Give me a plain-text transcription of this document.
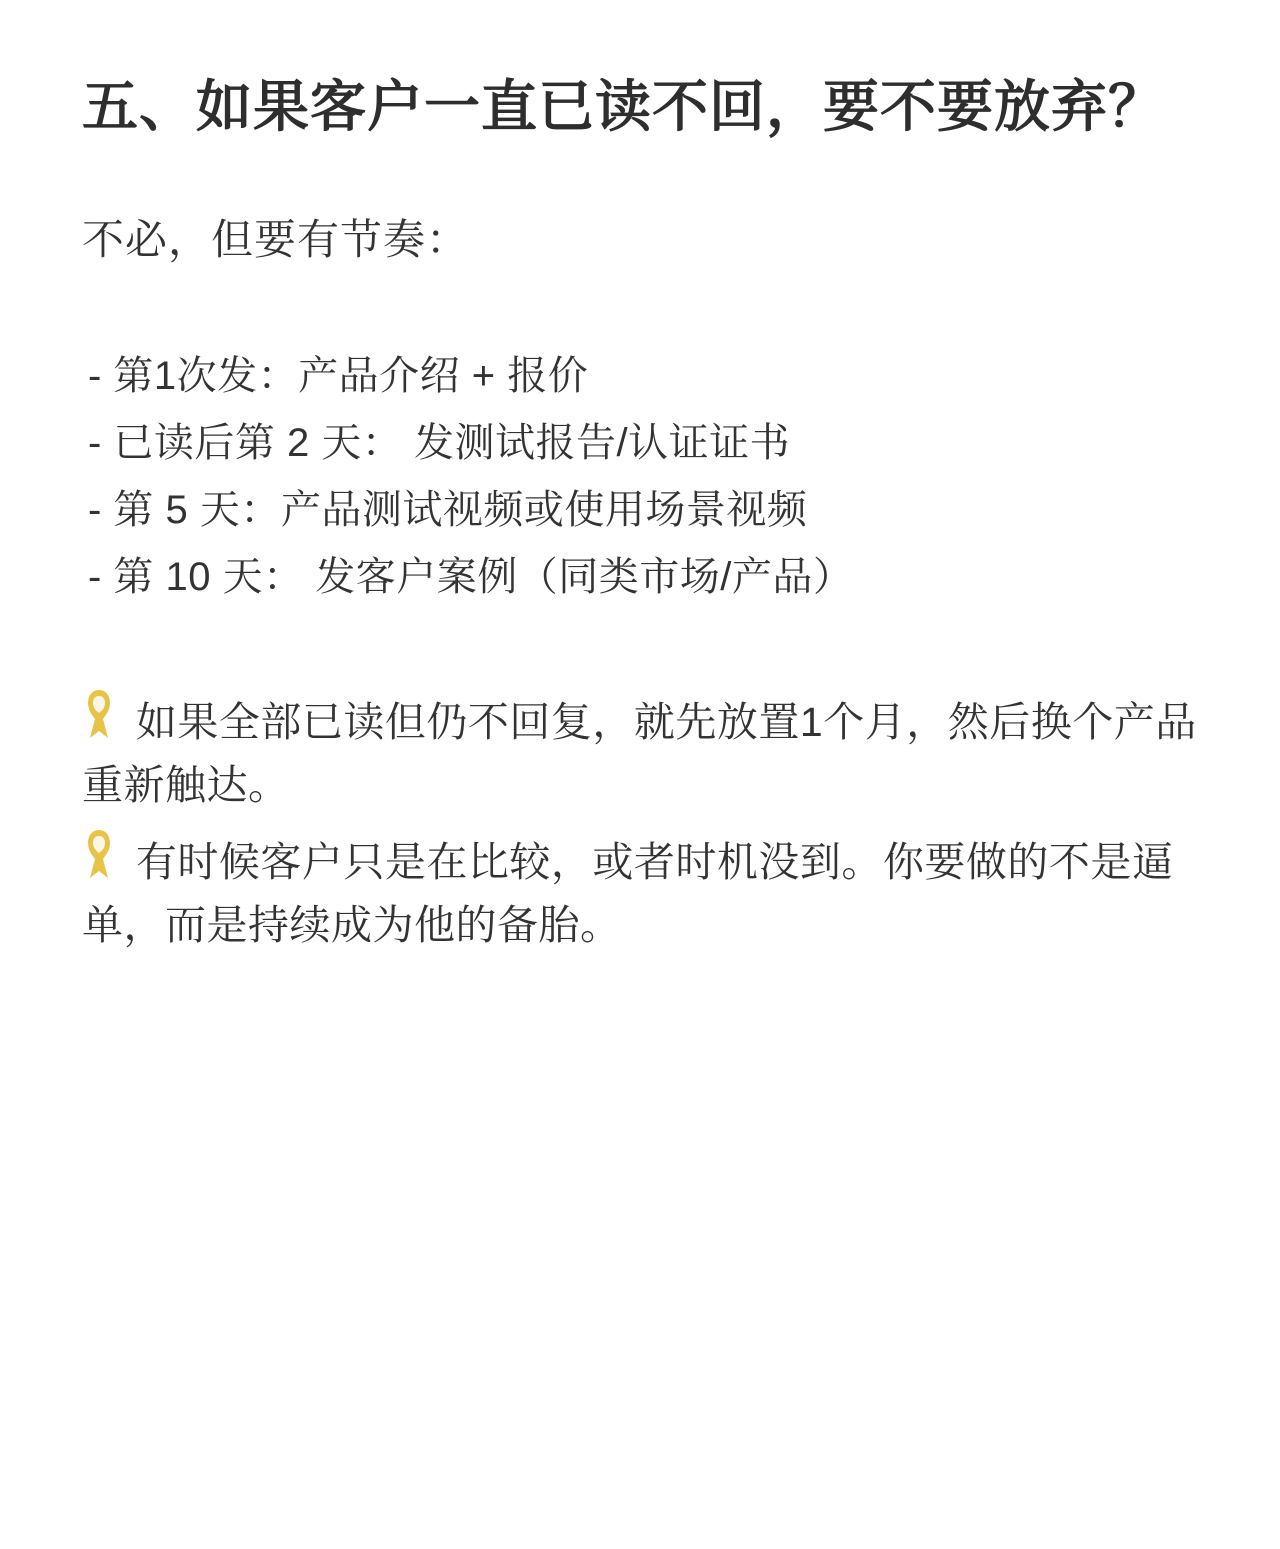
五、如果客户一直已读不回，要不要放弃？

不必，但要有节奏：

- 第1次发：产品介绍 + 报价
- 已读后第 2 天： 发测试报告/认证证书
- 第 5 天：产品测试视频或使用场景视频
- 第 10 天： 发客户案例（同类市场/产品）
如果全部已读但仍不回复，就先放置1个月，然后换个产品重新触达。
有时候客户只是在比较，或者时机没到。你要做的不是逼单，而是持续成为他的备胎。
